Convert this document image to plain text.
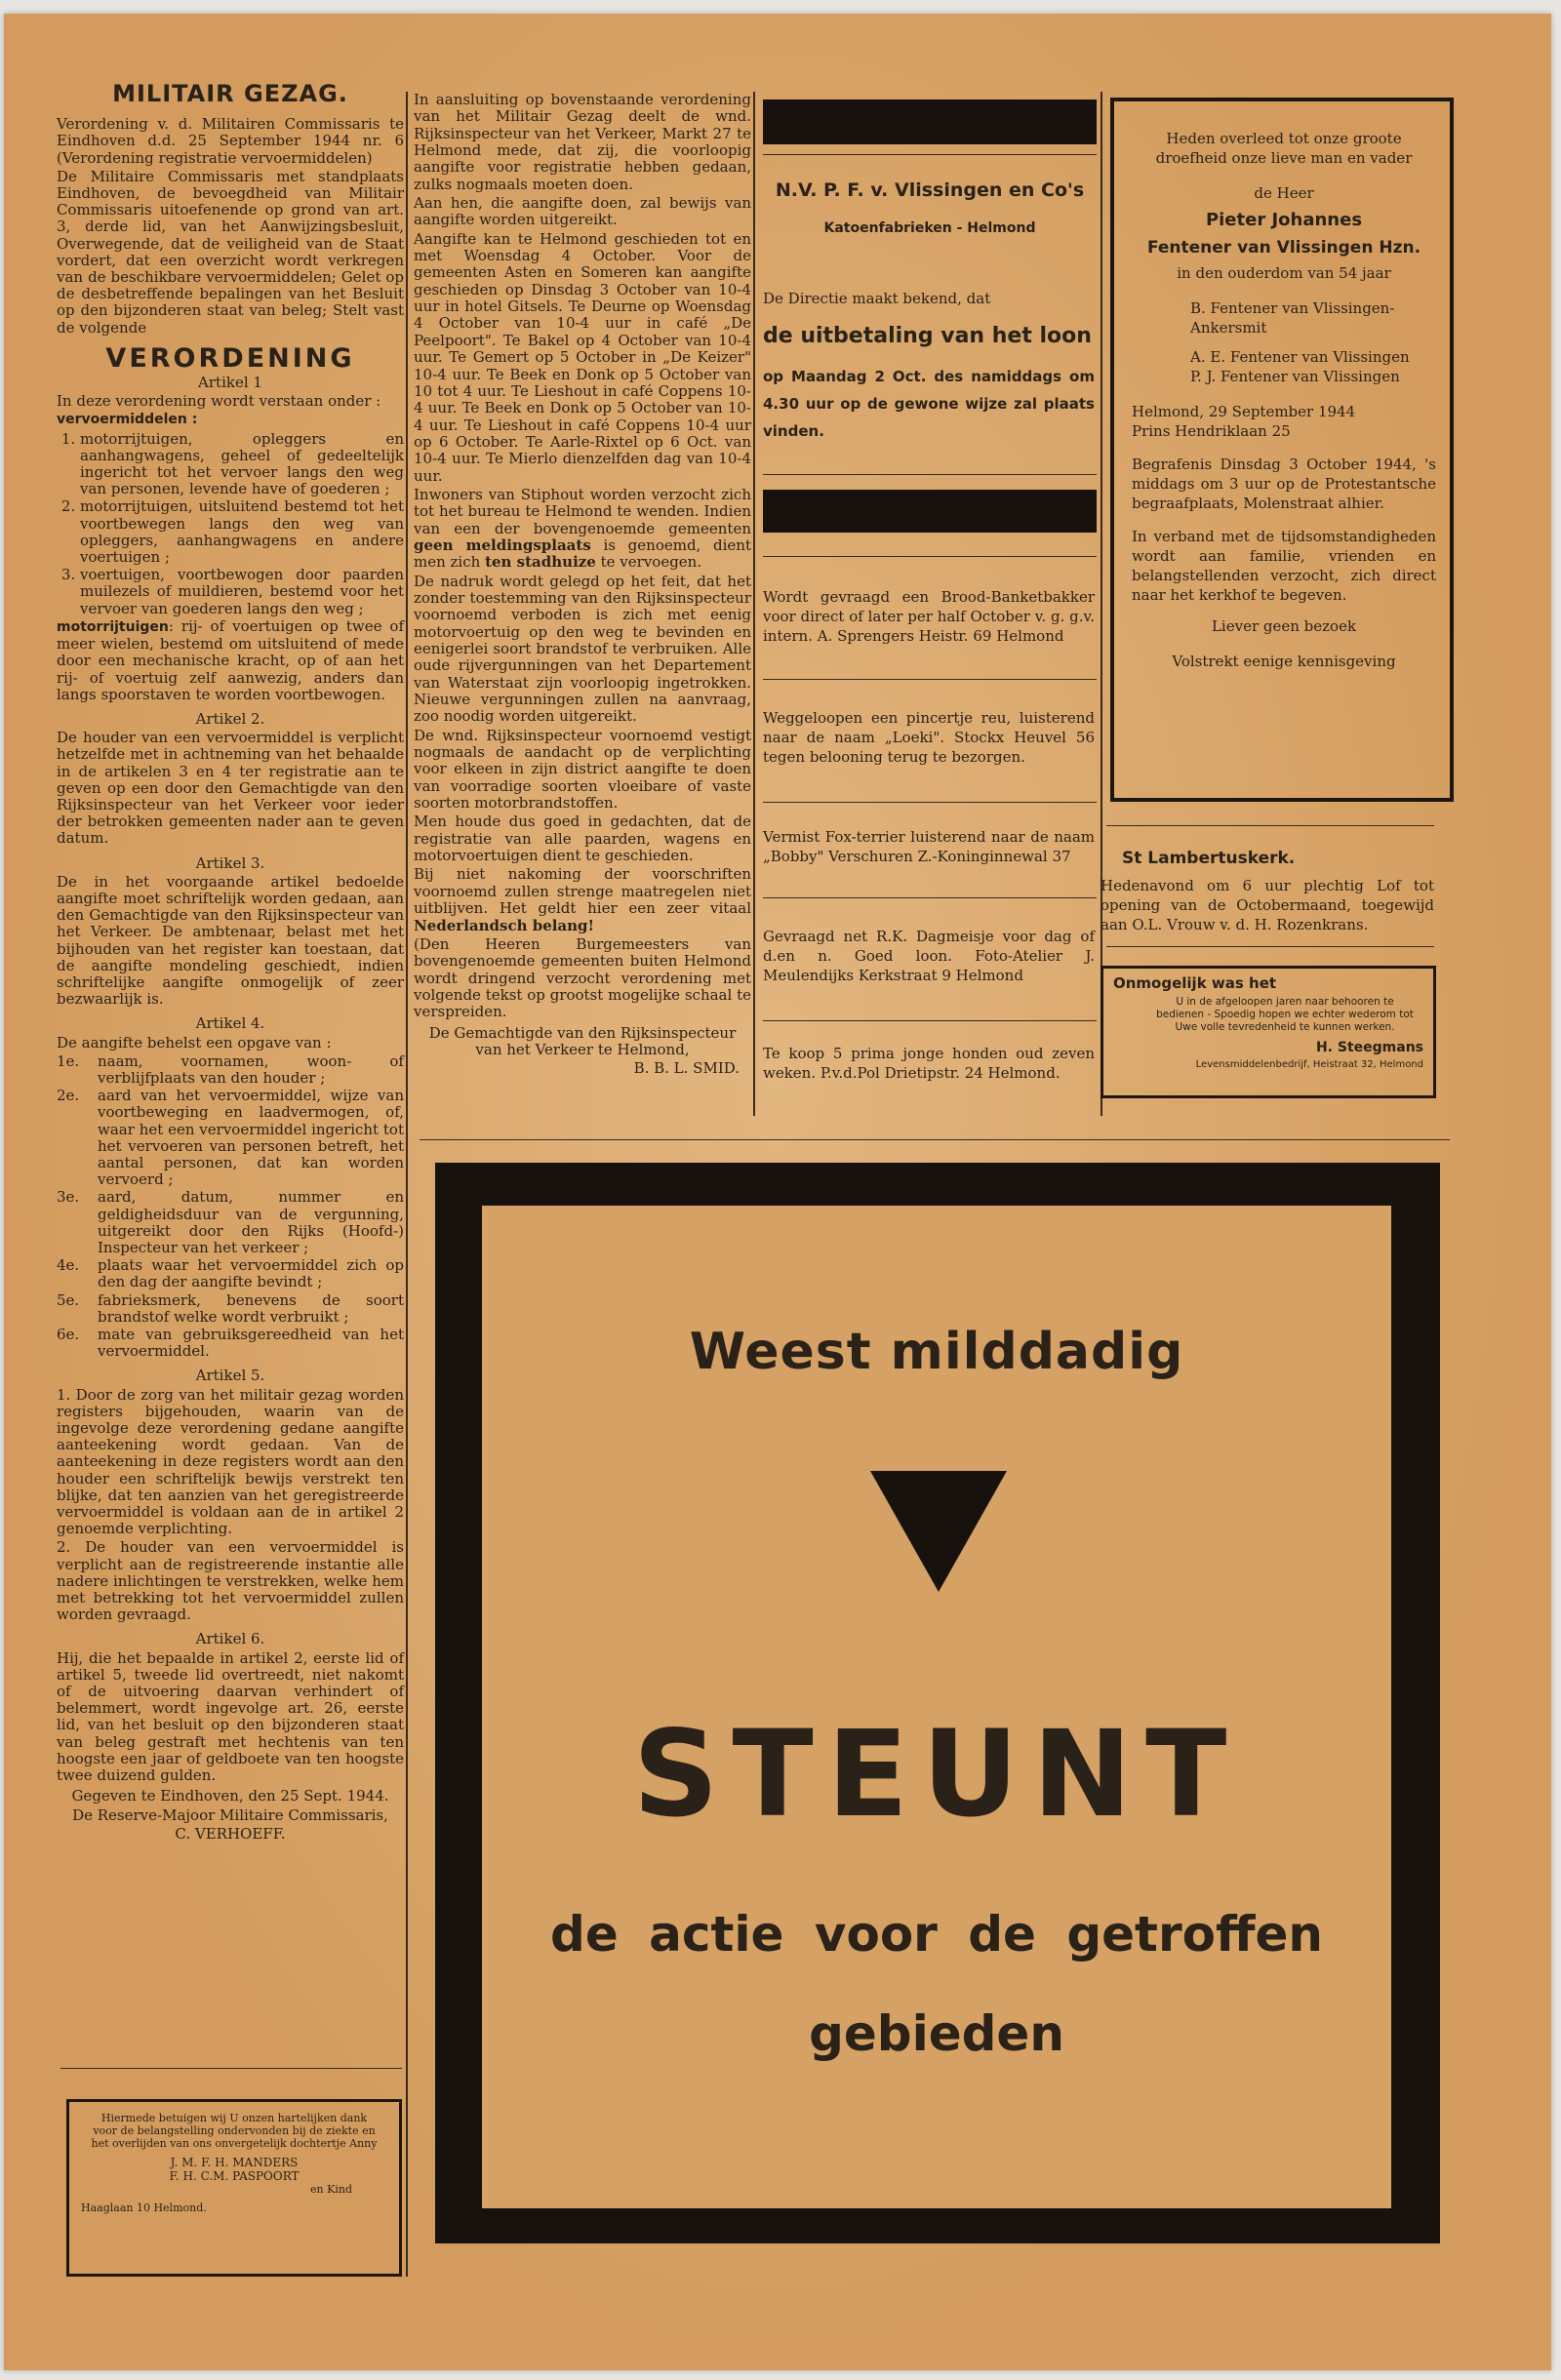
MILITAIR GEZAG.

Verordening v. d. Militairen Commissaris te Eindhoven d.d. 25 September 1944 nr. 6 (Verordening registratie vervoermiddelen)

De Militaire Commissaris met standplaats Eindhoven, de bevoegdheid van Militair Commissaris uitoefenende op grond van art. 3, derde lid, van het Aanwijzingsbesluit, Overwegende, dat de veiligheid van de Staat vordert, dat een overzicht wordt verkregen van de beschikbare vervoermiddelen; Gelet op de desbetreffende bepalingen van het Besluit op den bijzonderen staat van beleg; Stelt vast de volgende

VERORDENING
Artikel 1

In deze verordening wordt verstaan onder :

vervoermiddelen :

1. motorrijtuigen, opleggers en aanhangwagens, geheel of gedeeltelijk ingericht tot het vervoer langs den weg van personen, levende have of goederen ;
2. motorrijtuigen, uitsluitend bestemd tot het voortbewegen langs den weg van opleggers, aanhangwagens en andere voertuigen ;
3. voertuigen, voortbewogen door paarden muilezels of muildieren, bestemd voor het vervoer van goederen langs den weg ;

motorrijtuigen: rij- of voertuigen op twee of meer wielen, bestemd om uitsluitend of mede door een mechanische kracht, op of aan het rij- of voertuig zelf aanwezig, anders dan langs spoorstaven te worden voortbewogen.

Artikel 2.

De houder van een vervoermiddel is verplicht hetzelfde met in achtneming van het behaalde in de artikelen 3 en 4 ter registratie aan te geven op een door den Gemachtigde van den Rijksinspecteur van het Verkeer voor ieder der betrokken gemeenten nader aan te geven datum.

Artikel 3.

De in het voorgaande artikel bedoelde aangifte moet schriftelijk worden gedaan, aan den Gemachtigde van den Rijksinspecteur van het Verkeer. De ambtenaar, belast met het bijhouden van het register kan toestaan, dat de aangifte mondeling geschiedt, indien schriftelijke aangifte onmogelijk of zeer bezwaarlijk is.

Artikel 4.

De aangifte behelst een opgave van :

1e. naam, voornamen, woon- of verblijfplaats van den houder ;
2e. aard van het vervoermiddel, wijze van voortbeweging en laadvermogen, of, waar het een vervoermiddel ingericht tot het vervoeren van personen betreft, het aantal personen, dat kan worden vervoerd ;
3e. aard, datum, nummer en geldigheidsduur van de vergunning, uitgereikt door den Rijks (Hoofd-) Inspecteur van het verkeer ;
4e. plaats waar het vervoermiddel zich op den dag der aangifte bevindt ;
5e. fabrieksmerk, benevens de soort brandstof welke wordt verbruikt ;
6e. mate van gebruiksgereedheid van het vervoermiddel.
Artikel 5.

1. Door de zorg van het militair gezag worden registers bijgehouden, waarin van de ingevolge deze verordening gedane aangifte aanteekening wordt gedaan. Van de aanteekening in deze registers wordt aan den houder een schriftelijk bewijs verstrekt ten blijke, dat ten aanzien van het geregistreerde vervoermiddel is voldaan aan de in artikel 2 genoemde verplichting.

2. De houder van een vervoermiddel is verplicht aan de registreerende instantie alle nadere inlichtingen te verstrekken, welke hem met betrekking tot het vervoermiddel zullen worden gevraagd.

Artikel 6.

Hij, die het bepaalde in artikel 2, eerste lid of artikel 5, tweede lid overtreedt, niet nakomt of de uitvoering daarvan verhindert of belemmert, wordt ingevolge art. 26, eerste lid, van het besluit op den bijzonderen staat van beleg gestraft met hechtenis van ten hoogste een jaar of geldboete van ten hoogste twee duizend gulden.

Gegeven te Eindhoven, den 25 Sept. 1944.

De Reserve-Majoor Militaire Commissaris,

C. VERHOEFF.

Hiermede betuigen wij U onzen hartelijken dank voor de belangstelling ondervonden bij de ziekte en het overlijden van ons onvergetelijk dochtertje Anny
J. M. F. H. MANDERS
F. H. C.M. PASPOORT
en Kind
Haaglaan 10 Helmond.

In aansluiting op bovenstaande verordening van het Militair Gezag deelt de wnd. Rijksinspecteur van het Verkeer, Markt 27 te Helmond mede, dat zij, die voorloopig aangifte voor registratie hebben gedaan, zulks nogmaals moeten doen.

Aan hen, die aangifte doen, zal bewijs van aangifte worden uitgereikt.

Aangifte kan te Helmond geschieden tot en met Woensdag 4 October. Voor de gemeenten Asten en Someren kan aangifte geschieden op Dinsdag 3 October van 10-4 uur in hotel Gitsels. Te Deurne op Woensdag 4 October van 10-4 uur in café „De Peelpoort". Te Bakel op 4 October van 10-4 uur. Te Gemert op 5 October in „De Keizer" 10-4 uur. Te Beek en Donk op 5 October van 10 tot 4 uur. Te Lieshout in café Coppens 10-4 uur. Te Beek en Donk op 5 October van 10-4 uur. Te Lieshout in café Coppens 10-4 uur op 6 October. Te Aarle-Rixtel op 6 Oct. van 10-4 uur. Te Mierlo dienzelfden dag van 10-4 uur.

Inwoners van Stiphout worden verzocht zich tot het bureau te Helmond te wenden. Indien van een der bovengenoemde gemeenten geen meldingsplaats is genoemd, dient men zich ten stadhuize te vervoegen.

De nadruk wordt gelegd op het feit, dat het zonder toestemming van den Rijksinspecteur voornoemd verboden is zich met eenig motorvoertuig op den weg te bevinden en eenigerlei soort brandstof te verbruiken. Alle oude rijvergunningen van het Departement van Waterstaat zijn voorloopig ingetrokken. Nieuwe vergunningen zullen na aanvraag, zoo noodig worden uitgereikt.

De wnd. Rijksinspecteur voornoemd vestigt nogmaals de aandacht op de verplichting voor elkeen in zijn district aangifte te doen van voorradige soorten vloeibare of vaste soorten motorbrandstoffen.

Men houde dus goed in gedachten, dat de registratie van alle paarden, wagens en motorvoertuigen dient te geschieden.

Bij niet nakoming der voorschriften voornoemd zullen strenge maatregelen niet uitblijven. Het geldt hier een zeer vitaal Nederlandsch belang!

(Den Heeren Burgemeesters van bovengenoemde gemeenten buiten Helmond wordt dringend verzocht verordening met volgende tekst op grootst mogelijke schaal te verspreiden.

De Gemachtigde van den Rijksinspecteur van het Verkeer te Helmond,

B. B. L. SMID.

N.V. P. F. v. Vlissingen en Co's
Katoenfabrieken - Helmond
De Directie maakt bekend, dat
de uitbetaling van het loon
op Maandag 2 Oct. des namiddags om 4.30 uur op de gewone wijze zal plaats vinden.
Wordt gevraagd een Brood-Banketbakker voor direct of later per half October v. g. g.v. intern. A. Sprengers Heistr. 69 Helmond
Weggeloopen een pincertje reu, luisterend naar de naam „Loeki". Stockx Heuvel 56 tegen belooning terug te bezorgen.
Vermist Fox-terrier luisterend naar de naam „Bobby" Verschuren Z.-Koninginnewal 37
Gevraagd net R.K. Dagmeisje voor dag of d.en n. Goed loon. Foto-Atelier J. Meulendijks Kerkstraat 9 Helmond
Te koop 5 prima jonge honden oud zeven weken. P.v.d.Pol Drietipstr. 24 Helmond.
Heden overleed tot onze groote droefheid onze lieve man en vader
de Heer
Pieter Johannes
Fentener van Vlissingen Hzn.
in den ouderdom van 54 jaar
B. Fentener van Vlissingen-Ankersmit
A. E. Fentener van Vlissingen
P. J. Fentener van Vlissingen
Helmond, 29 September 1944
Prins Hendriklaan 25
Begrafenis Dinsdag 3 October 1944, 's middags om 3 uur op de Protestantsche begraafplaats, Molenstraat alhier.
In verband met de tijdsomstandigheden wordt aan familie, vrienden en belangstellenden verzocht, zich direct naar het kerkhof te begeven.
Liever geen bezoek
Volstrekt eenige kennisgeving
St Lambertuskerk.
Hedenavond om 6 uur plechtig Lof tot opening van de Octobermaand, toegewijd aan O.L. Vrouw v. d. H. Rozenkrans.
Onmogelijk was het
U in de afgeloopen jaren naar behooren te bedienen - Spoedig hopen we echter wederom tot Uwe volle tevredenheid te kunnen werken.
H. Steegmans
Levensmiddelenbedrijf, Heistraat 32, Helmond
Weest milddadig
STEUNT
de actie voor de getroffen
gebieden
